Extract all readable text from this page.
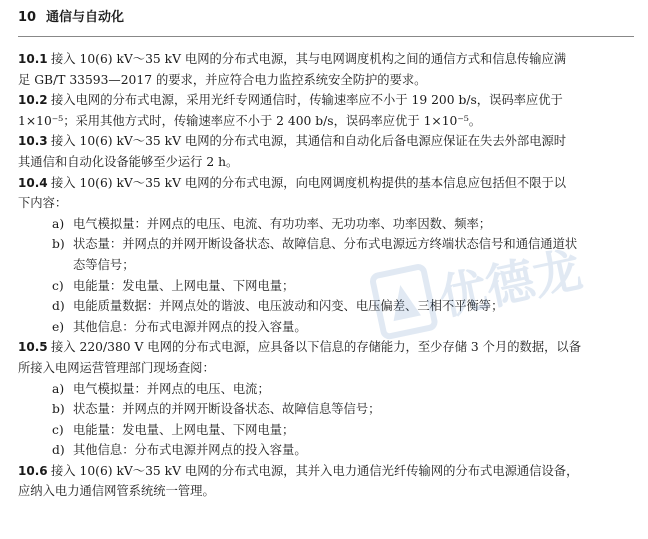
10 通信与自动化
10.1 接入 10(6) kV～35 kV 电网的分布式电源，其与电网调度机构之间的通信方式和信息传输应满
足 GB/T 33593—2017 的要求，并应符合电力监控系统安全防护的要求。
10.2 接入电网的分布式电源，采用光纤专网通信时，传输速率应不小于 19 200 b/s，误码率应优于
1×10⁻⁵；采用其他方式时，传输速率应不小于 2 400 b/s，误码率应优于 1×10⁻⁵。
10.3 接入 10(6) kV～35 kV 电网的分布式电源，其通信和自动化后备电源应保证在失去外部电源时
其通信和自动化设备能够至少运行 2 h。
10.4 接入 10(6) kV～35 kV 电网的分布式电源，向电网调度机构提供的基本信息应包括但不限于以
下内容：
a) 电气模拟量：并网点的电压、电流、有功功率、无功功率、功率因数、频率；
b) 状态量：并网点的并网开断设备状态、故障信息、分布式电源远方终端状态信号和通信通道状
态等信号；
c) 电能量：发电量、上网电量、下网电量；
d) 电能质量数据：并网点处的谐波、电压波动和闪变、电压偏差、三相不平衡等；
e) 其他信息：分布式电源并网点的投入容量。
10.5 接入 220/380 V 电网的分布式电源，应具备以下信息的存储能力，至少存储 3 个月的数据，以备
所接入电网运营管理部门现场查阅：
a) 电气模拟量：并网点的电压、电流；
b) 状态量：并网点的并网开断设备状态、故障信息等信号；
c) 电能量：发电量、上网电量、下网电量；
d) 其他信息：分布式电源并网点的投入容量。
10.6 接入 10(6) kV～35 kV 电网的分布式电源，其并入电力通信光纤传输网的分布式电源通信设备，
应纳入电力通信网管系统统一管理。
优德龙
